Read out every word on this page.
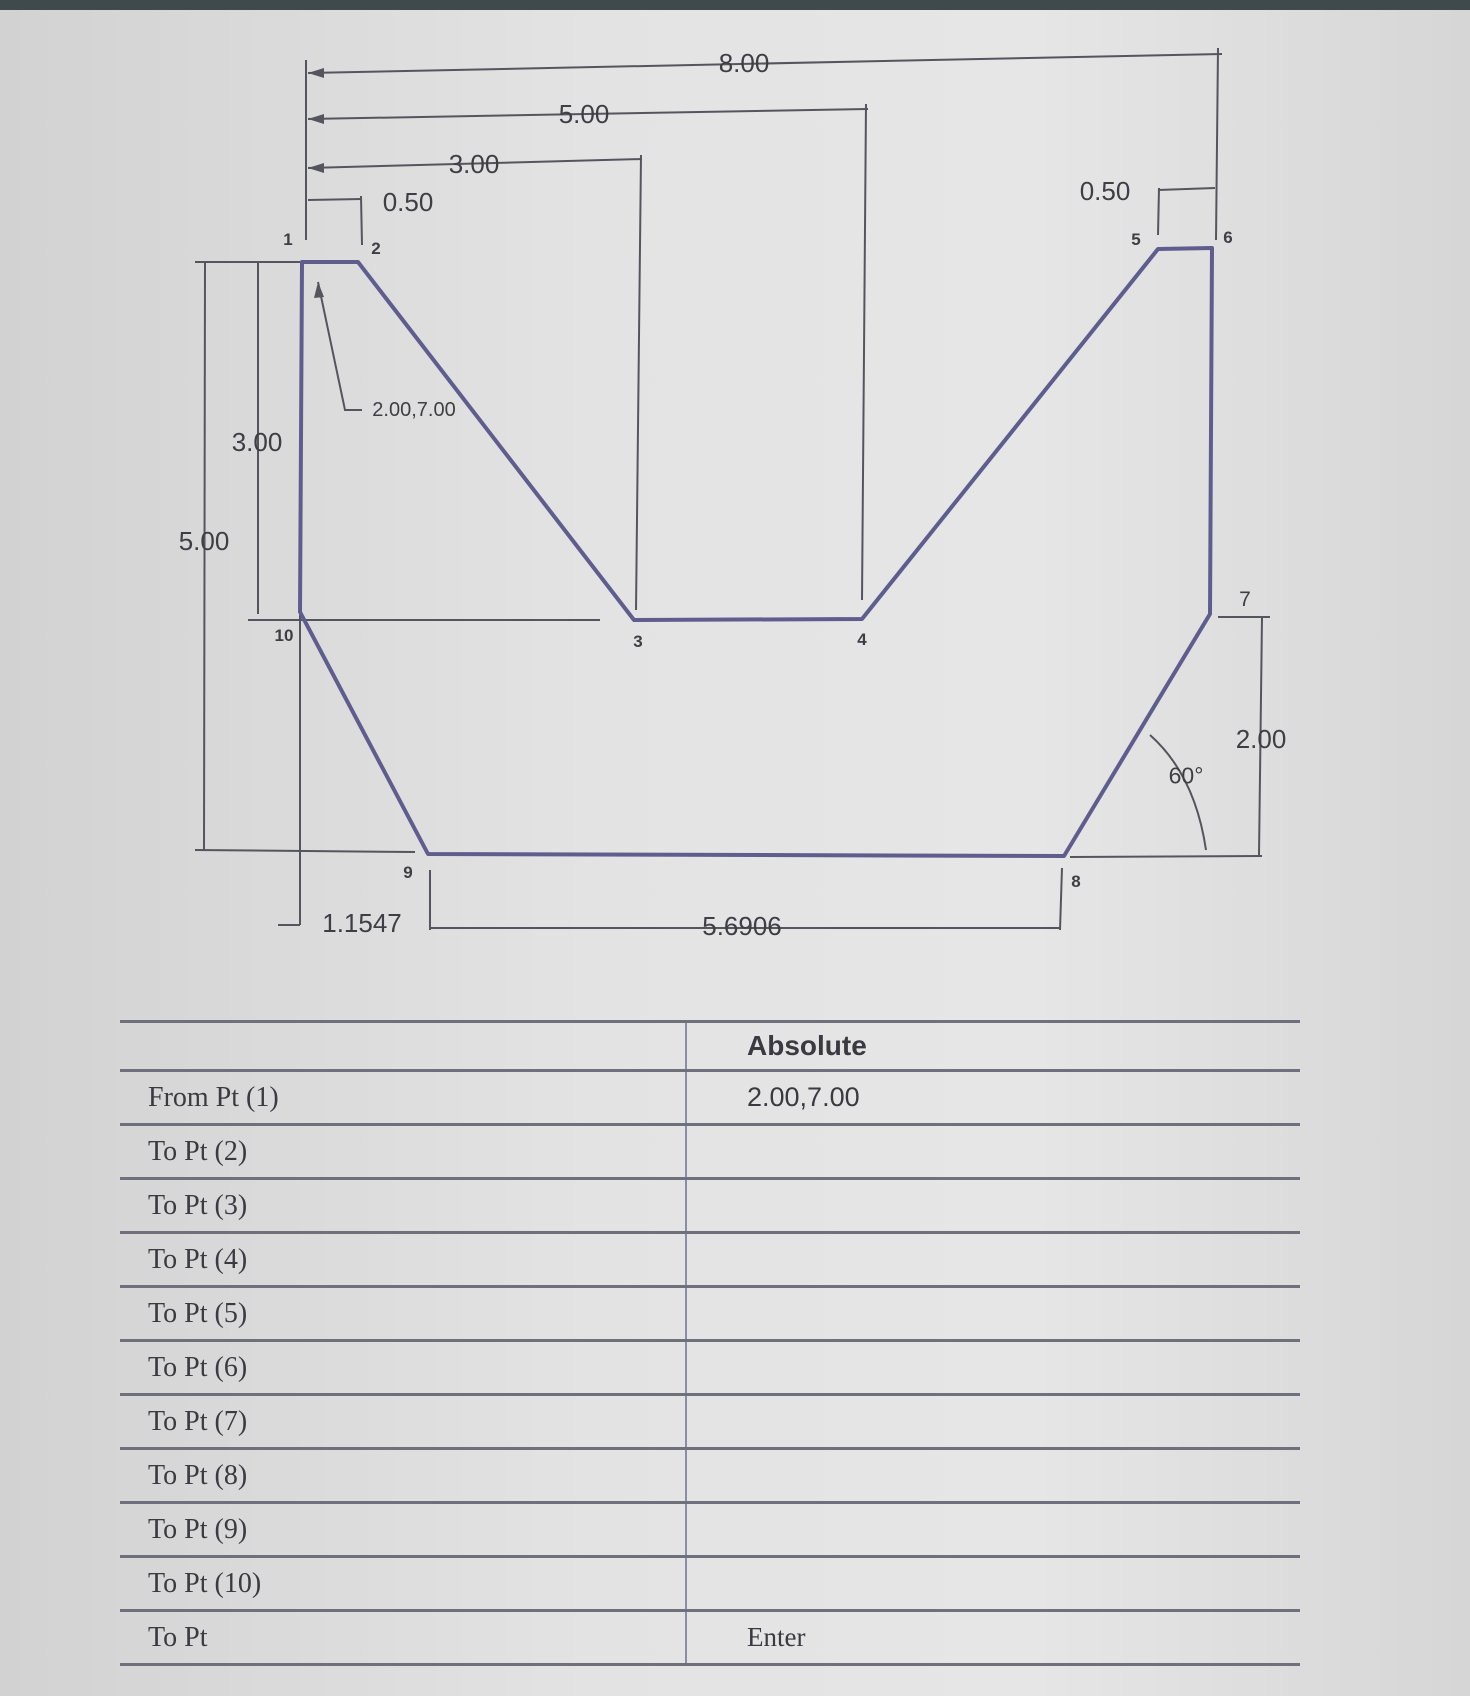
8.00
5.00
3.00
0.50	0.50
3.00
5.00
2.00,7.00
2.00
60°
1.1547	5.6906
1	2
3	4
5	6
7
8
9
10
	Absolute
From Pt (1)	2.00,7.00
To Pt (2)	
To Pt (3)	
To Pt (4)	
To Pt (5)	
To Pt (6)	
To Pt (7)	
To Pt (8)	
To Pt (9)	
To Pt (10)	
To Pt	Enter
